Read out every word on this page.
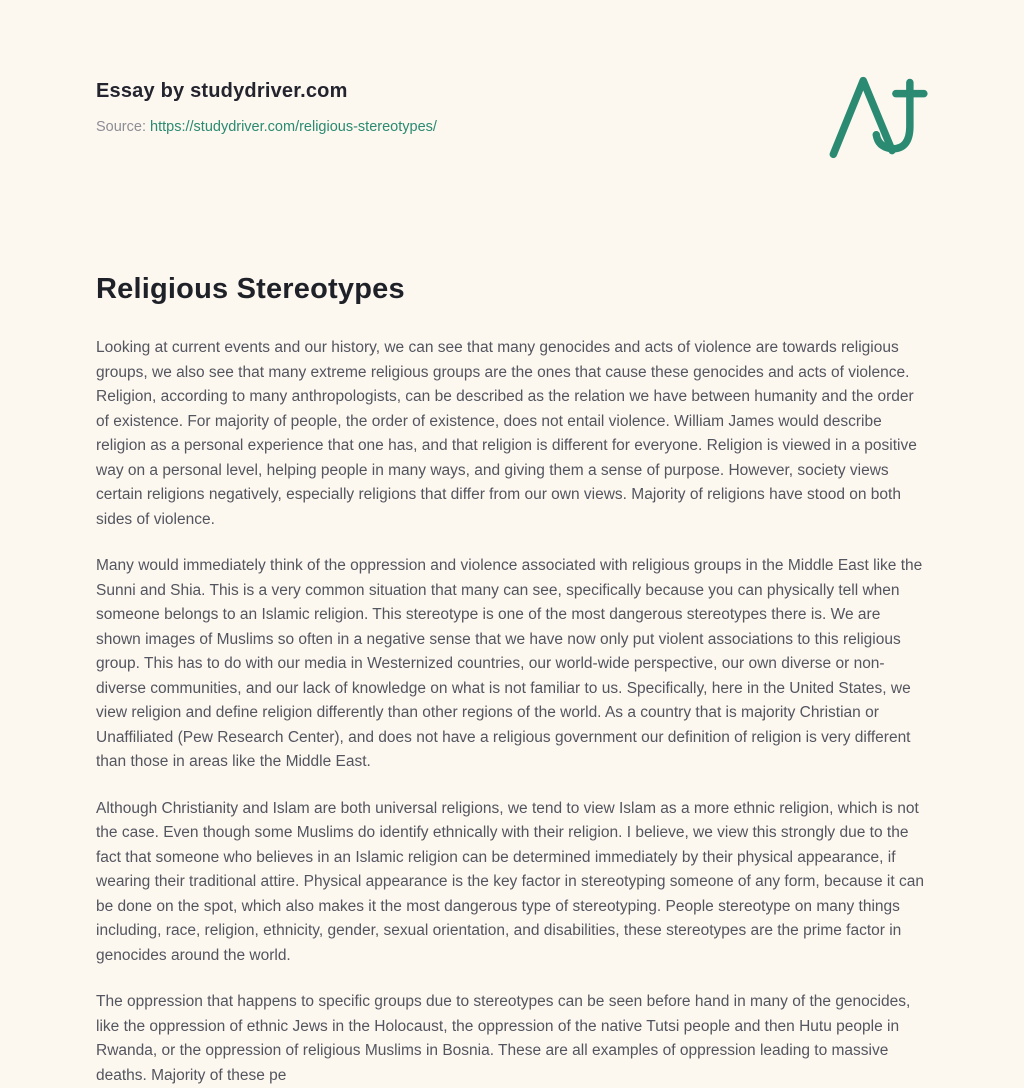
Essay by studydriver.com
Source: https://studydriver.com/religious-stereotypes/
Religious Stereotypes

Looking at current events and our history, we can see that many genocides and acts of violence are towards religious groups, we also see that many extreme religious groups are the ones that cause these genocides and acts of violence. Religion, according to many anthropologists, can be described as the relation we have between humanity and the order of existence. For majority of people, the order of existence, does not entail violence. William James would describe religion as a personal experience that one has, and that religion is different for everyone. Religion is viewed in a positive way on a personal level, helping people in many ways, and giving them a sense of purpose. However, society views certain religions negatively, especially religions that differ from our own views. Majority of religions have stood on both sides of violence.

Many would immediately think of the oppression and violence associated with religious groups in the Middle East like the Sunni and Shia. This is a very common situation that many can see, specifically because you can physically tell when someone belongs to an Islamic religion. This stereotype is one of the most dangerous stereotypes there is. We are shown images of Muslims so often in a negative sense that we have now only put violent associations to this religious group. This has to do with our media in Westernized countries, our world-wide perspective, our own diverse or non-diverse communities, and our lack of knowledge on what is not familiar to us. Specifically, here in the United States, we view religion and define religion differently than other regions of the world. As a country that is majority Christian or Unaffiliated (Pew Research Center), and does not have a religious government our definition of religion is very different than those in areas like the Middle East.

Although Christianity and Islam are both universal religions, we tend to view Islam as a more ethnic religion, which is not the case. Even though some Muslims do identify ethnically with their religion. I believe, we view this strongly due to the fact that someone who believes in an Islamic religion can be determined immediately by their physical appearance, if wearing their traditional attire. Physical appearance is the key factor in stereotyping someone of any form, because it can be done on the spot, which also makes it the most dangerous type of stereotyping. People stereotype on many things including, race, religion, ethnicity, gender, sexual orientation, and disabilities, these stereotypes are the prime factor in genocides around the world.

The oppression that happens to specific groups due to stereotypes can be seen before hand in many of the genocides, like the oppression of ethnic Jews in the Holocaust, the oppression of the native Tutsi people and then Hutu people in Rwanda, or the oppression of religious Muslims in Bosnia. These are all examples of oppression leading to massive deaths. Majority of these pe
